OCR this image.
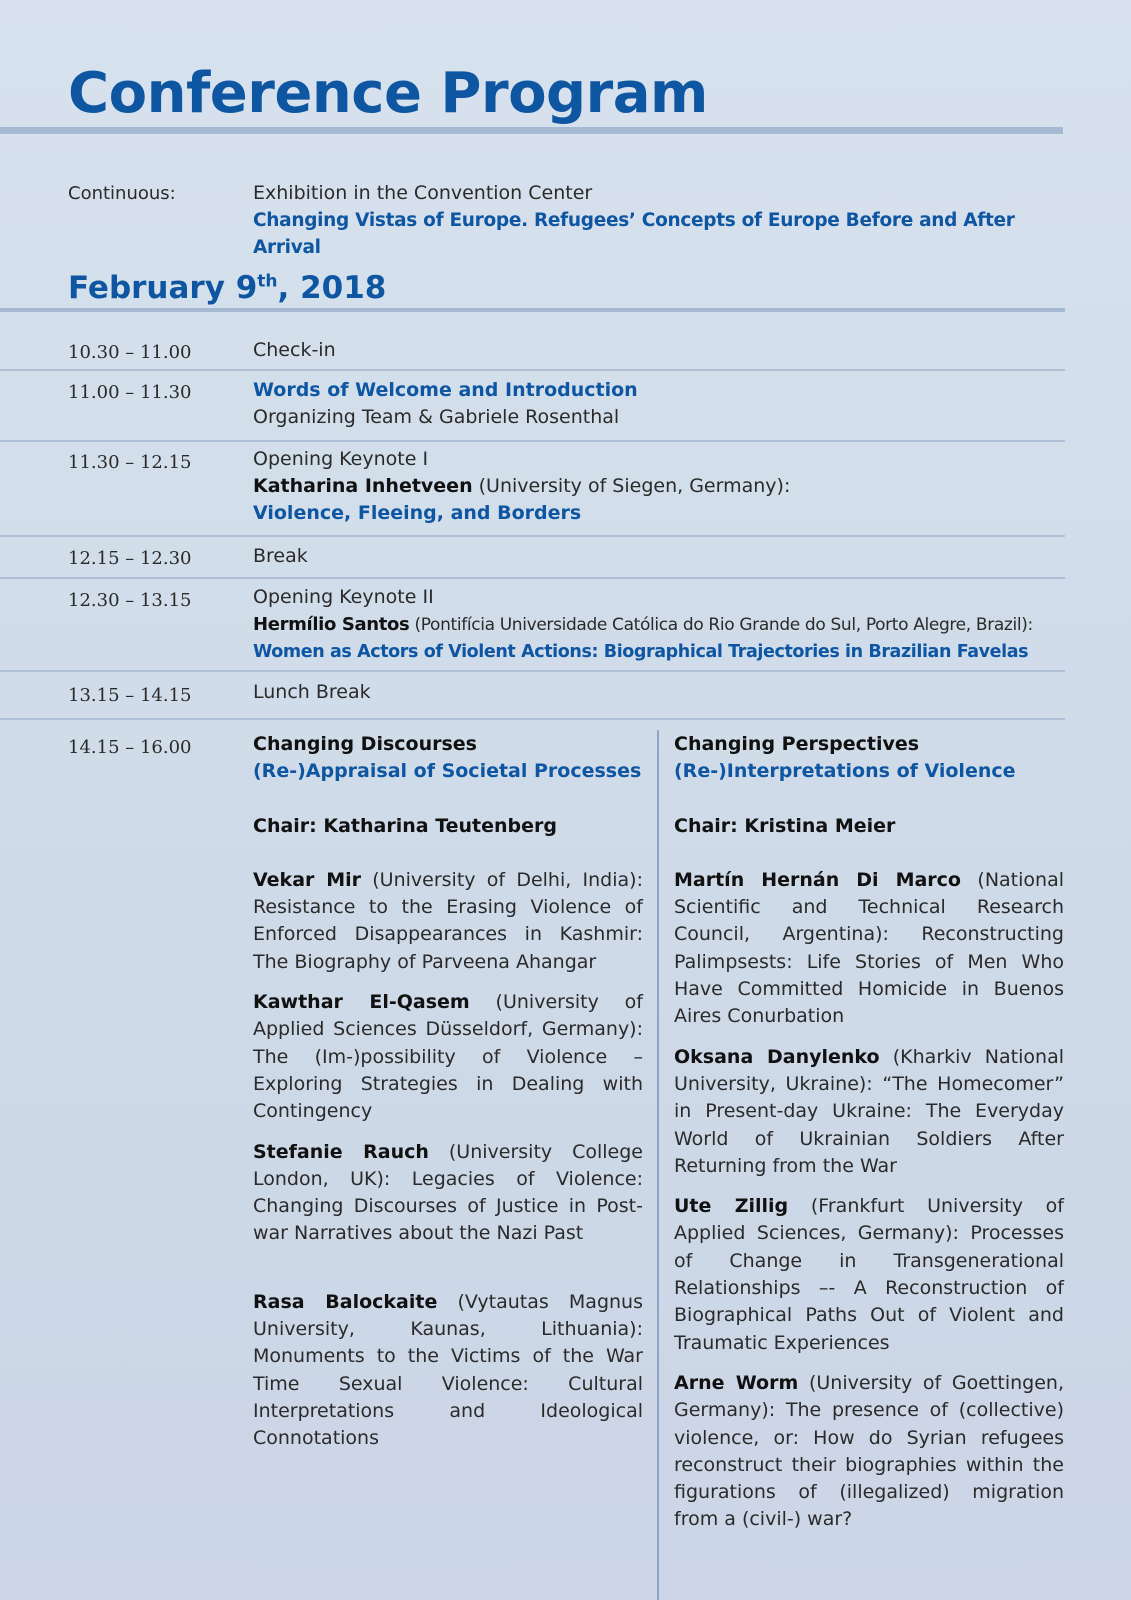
Conference Program
Continuous:	Exhibition in the Convention Center
Changing Vistas of Europe. Refugees’ Concepts of Europe Before and After Arrival
February 9th, 2018
10.30 – 11.00	Check-in
11.00 – 11.30	Words of Welcome and Introduction
Organizing Team & Gabriele Rosenthal
11.30 – 12.15	Opening Keynote I
Katharina Inhetveen (University of Siegen, Germany):
Violence, Fleeing, and Borders
12.15 – 12.30	Break
12.30 – 13.15	Opening Keynote II
Hermílio Santos (Pontifícia Universidade Católica do Rio Grande do Sul, Porto Alegre, Brazil):
Women as Actors of Violent Actions: Biographical Trajectories in Brazilian Favelas
13.15 – 14.15	Lunch Break
14.15 – 16.00	Changing Discourses
(Re-)Appraisal of Societal Processes
Chair: Katharina Teutenberg
Vekar Mir (University of Delhi, India): Resistance to the Erasing Violence of Enforced Disappearances in Kashmir: The Biography of Parveena Ahangar
Kawthar El-Qasem (University of Applied Sciences Düsseldorf, Germany): The (Im-)possibility of Violence – Exploring Strategies in Dealing with Contingency
Stefanie Rauch (University College London, UK): Legacies of Violence: Changing Discourses of Justice in Post-war Narratives about the Nazi Past
Rasa Balockaite (Vytautas Magnus University, Kaunas, Lithuania): Monuments to the Victims of the War Time Sexual Violence: Cultural Interpretations and Ideological Connotations
Changing Perspectives
(Re-)Interpretations of Violence
Chair: Kristina Meier
Martín Hernán Di Marco (National Scientific and Technical Research Council, Argentina): Reconstructing Palimpsests: Life Stories of Men Who Have Committed Homicide in Buenos Aires Conurbation
Oksana Danylenko (Kharkiv National University, Ukraine): “The Homecomer” in Present-day Ukraine: The Everyday World of Ukrainian Soldiers After Returning from the War
Ute Zillig (Frankfurt University of Applied Sciences, Germany): Processes of Change in Transgenerational Relationships –- A Reconstruction of Biographical Paths Out of Violent and Traumatic Experiences
Arne Worm (University of Goettingen, Germany): The presence of (collective) violence, or: How do Syrian refugees reconstruct their biographies within the figurations of (illegalized) migration from a (civil-) war?
